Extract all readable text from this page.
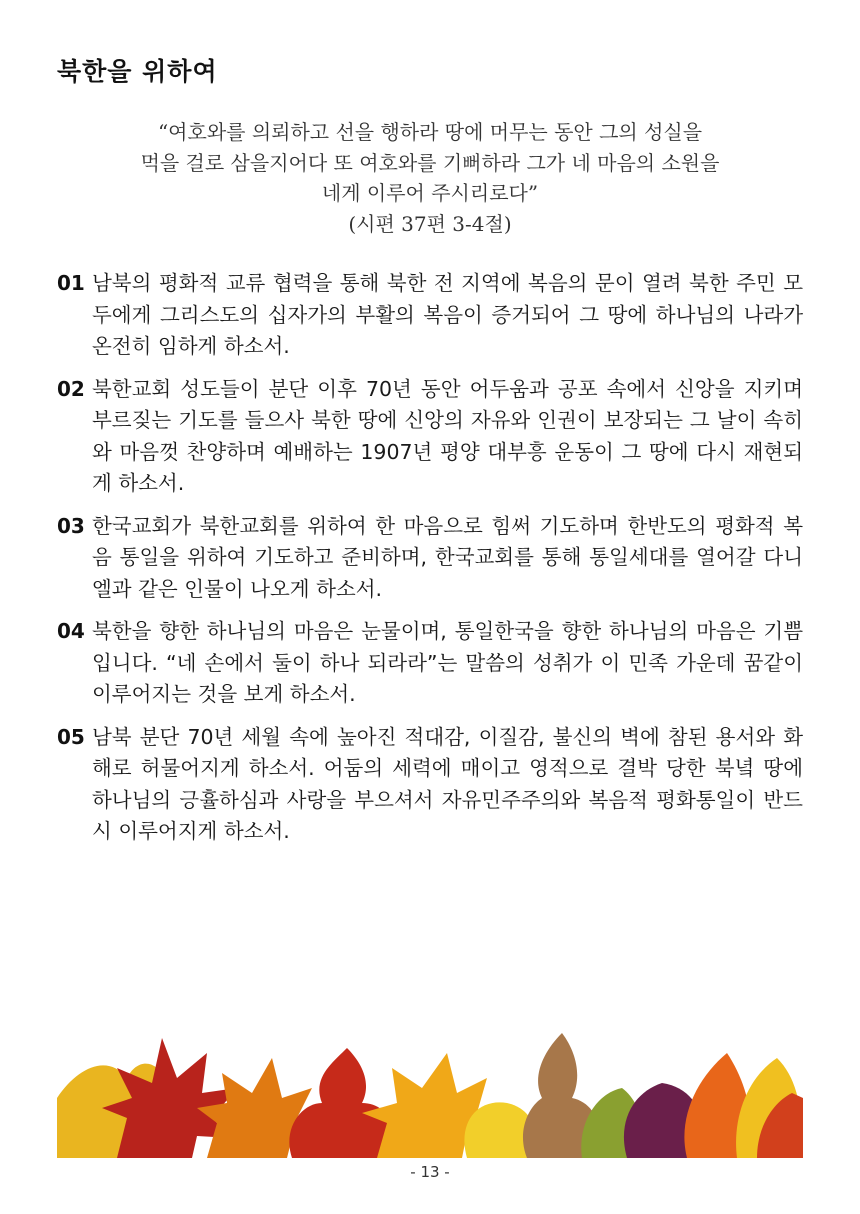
북한을 위하여

“여호와를 의뢰하고 선을 행하라 땅에 머무는 동안 그의 성실을

먹을 걸로 삼을지어다 또 여호와를 기뻐하라 그가 네 마음의 소원을

네게 이루어 주시리로다”

(시편 37편 3-4절)

01 남북의 평화적 교류 협력을 통해 북한 전 지역에 복음의 문이 열려 북한 주민 모두에게 그리스도의 십자가의 부활의 복음이 증거되어 그 땅에 하나님의 나라가 온전히 임하게 하소서.
02 북한교회 성도들이 분단 이후 70년 동안 어두움과 공포 속에서 신앙을 지키며 부르짖는 기도를 들으사 북한 땅에 신앙의 자유와 인권이 보장되는 그 날이 속히 와 마음껏 찬양하며 예배하는 1907년 평양 대부흥 운동이 그 땅에 다시 재현되게 하소서.
03 한국교회가 북한교회를 위하여 한 마음으로 힘써 기도하며 한반도의 평화적 복음 통일을 위하여 기도하고 준비하며, 한국교회를 통해 통일세대를 열어갈 다니엘과 같은 인물이 나오게 하소서.
04 북한을 향한 하나님의 마음은 눈물이며, 통일한국을 향한 하나님의 마음은 기쁨입니다. “네 손에서 둘이 하나 되라라”는 말씀의 성취가 이 민족 가운데 꿈같이 이루어지는 것을 보게 하소서.
05 남북 분단 70년 세월 속에 높아진 적대감, 이질감, 불신의 벽에 참된 용서와 화해로 허물어지게 하소서. 어둠의 세력에 매이고 영적으로 결박 당한 북녘 땅에 하나님의 긍휼하심과 사랑을 부으셔서 자유민주주의와 복음적 평화통일이 반드시 이루어지게 하소서.
- 13 -
